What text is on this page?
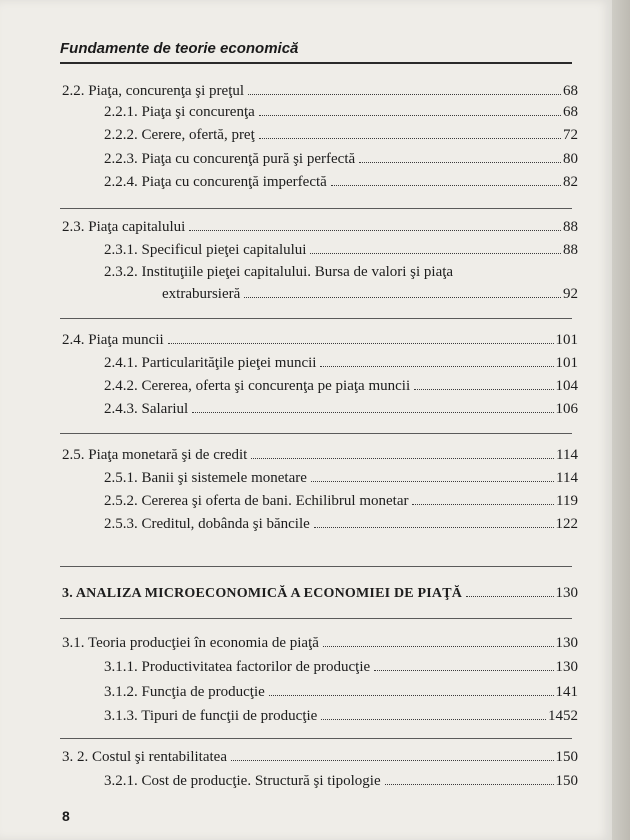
Fundamente de teorie economică
2.2. Piaţa, concurenţa şi preţul	68
2.2.1. Piaţa şi concurenţa	68
2.2.2. Cerere, ofertă, preţ	72
2.2.3. Piaţa cu concurenţă pură şi perfectă	80
2.2.4. Piaţa cu concurenţă imperfectă	82
2.3. Piaţa capitalului	88
2.3.1. Specificul pieţei capitalului	88
2.3.2. Instituţiile pieţei capitalului. Bursa de valori şi piaţa
extrabursieră	92
2.4. Piaţa muncii	101
2.4.1. Particularităţile pieţei muncii	101
2.4.2. Cererea, oferta şi concurenţa pe piaţa muncii	104
2.4.3. Salariul	106
2.5. Piaţa monetară şi de credit	114
2.5.1. Banii şi sistemele monetare	114
2.5.2. Cererea şi oferta de bani. Echilibrul monetar	119
2.5.3. Creditul, dobânda şi băncile	122
3. ANALIZA MICROECONOMICĂ A ECONOMIEI DE PIAŢĂ	130
3.1. Teoria producţiei în economia de piaţă	130
3.1.1. Productivitatea factorilor de producţie	130
3.1.2. Funcţia de producţie	141
3.1.3. Tipuri de funcţii de producţie	1452
3. 2. Costul şi rentabilitatea	150
3.2.1. Cost de producţie. Structură şi tipologie	150
8
